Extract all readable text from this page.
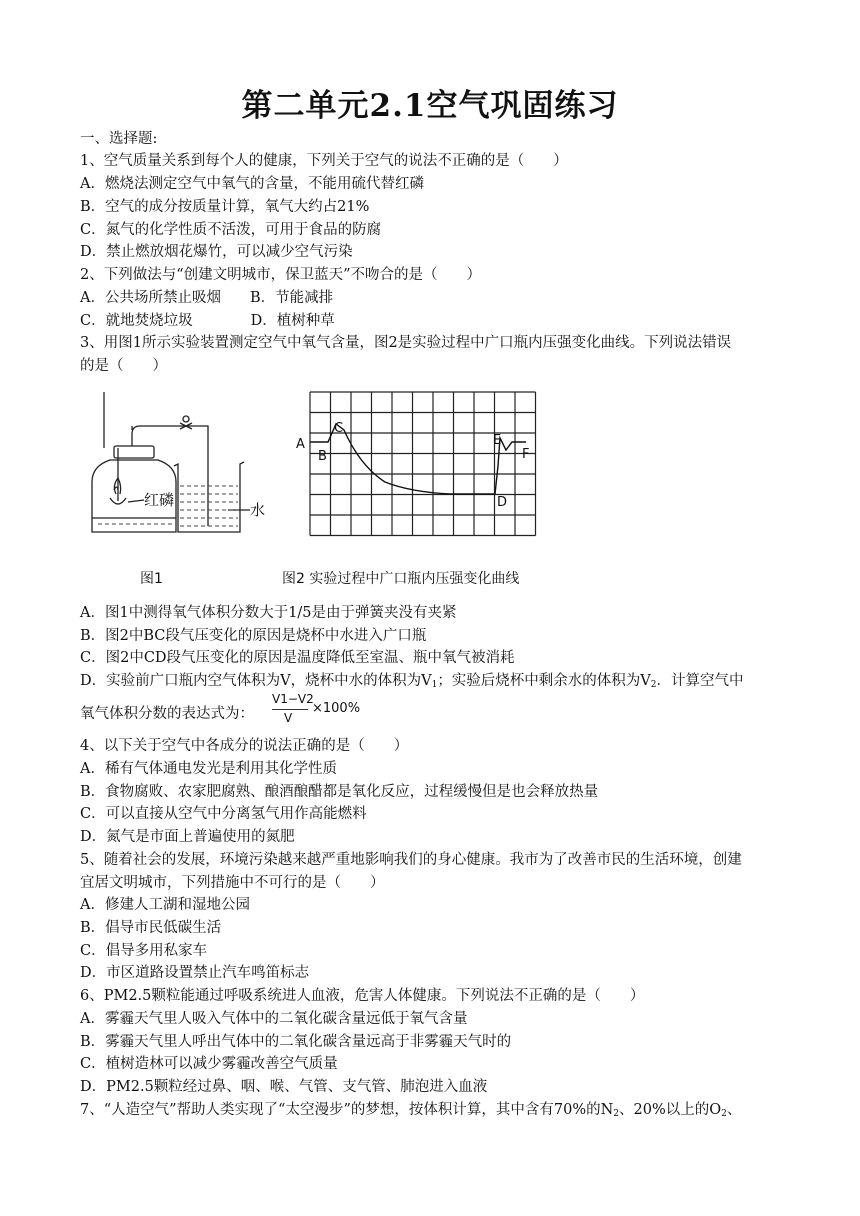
第二单元2.1空气巩固练习
一、选择题:
1、空气质量关系到每个人的健康，下列关于空气的说法不正确的是（　　）
A．燃烧法测定空气中氧气的含量，不能用硫代替红磷
B．空气的成分按质量计算，氧气大约占21%
C．氮气的化学性质不活泼，可用于食品的防腐
D．禁止燃放烟花爆竹，可以减少空气污染
2、下列做法与“创建文明城市，保卫蓝天”不吻合的是（　　）
A．公共场所禁止吸烟　　B．节能减排
C．就地焚烧垃圾　　　　D．植树种草
3、用图1所示实验装置测定空气中氧气含量，图2是实验过程中广口瓶内压强变化曲线。下列说法错误
的是（　　）
红磷
水
A
B
C
D
E
F
图1	图2 实验过程中广口瓶内压强变化曲线
A．图1中测得氧气体积分数大于1/5是由于弹簧夹没有夹紧
B．图2中BC段气压变化的原因是烧杯中水进入广口瓶
C．图2中CD段气压变化的原因是温度降低至室温、瓶中氧气被消耗
D．实验前广口瓶内空气体积为V，烧杯中水的体积为$V_1$；实验后烧杯中剩余水的体积为$V_2$．计算空气中
氧气体积分数的表达式为：
V1−V2
V
×100%
4、以下关于空气中各成分的说法正确的是（　　）
A．稀有气体通电发光是利用其化学性质
B．食物腐败、农家肥腐熟、酿酒酿醋都是氧化反应，过程缓慢但是也会释放热量
C．可以直接从空气中分离氢气用作高能燃料
D．氮气是市面上普遍使用的氮肥
5、随着社会的发展，环境污染越来越严重地影响我们的身心健康。我市为了改善市民的生活环境，创建
宜居文明城市，下列措施中不可行的是（　　）
A．修建人工湖和湿地公园
B．倡导市民低碳生活
C．倡导多用私家车
D．市区道路设置禁止汽车鸣笛标志
6、PM2.5颗粒能通过呼吸系统进人血液，危害人体健康。下列说法不正确的是（　　）
A．雾霾天气里人吸入气体中的二氧化碳含量远低于氧气含量
B．雾霾天气里人呼出气体中的二氧化碳含量远高于非雾霾天气时的
C．植树造林可以减少雾霾改善空气质量
D．PM2.5颗粒经过鼻、咽、喉、气管、支气管、肺泡进入血液
7、“人造空气”帮助人类实现了“太空漫步”的梦想，按体积计算，其中含有70%的$N_2$、20%以上的$O_2$、
